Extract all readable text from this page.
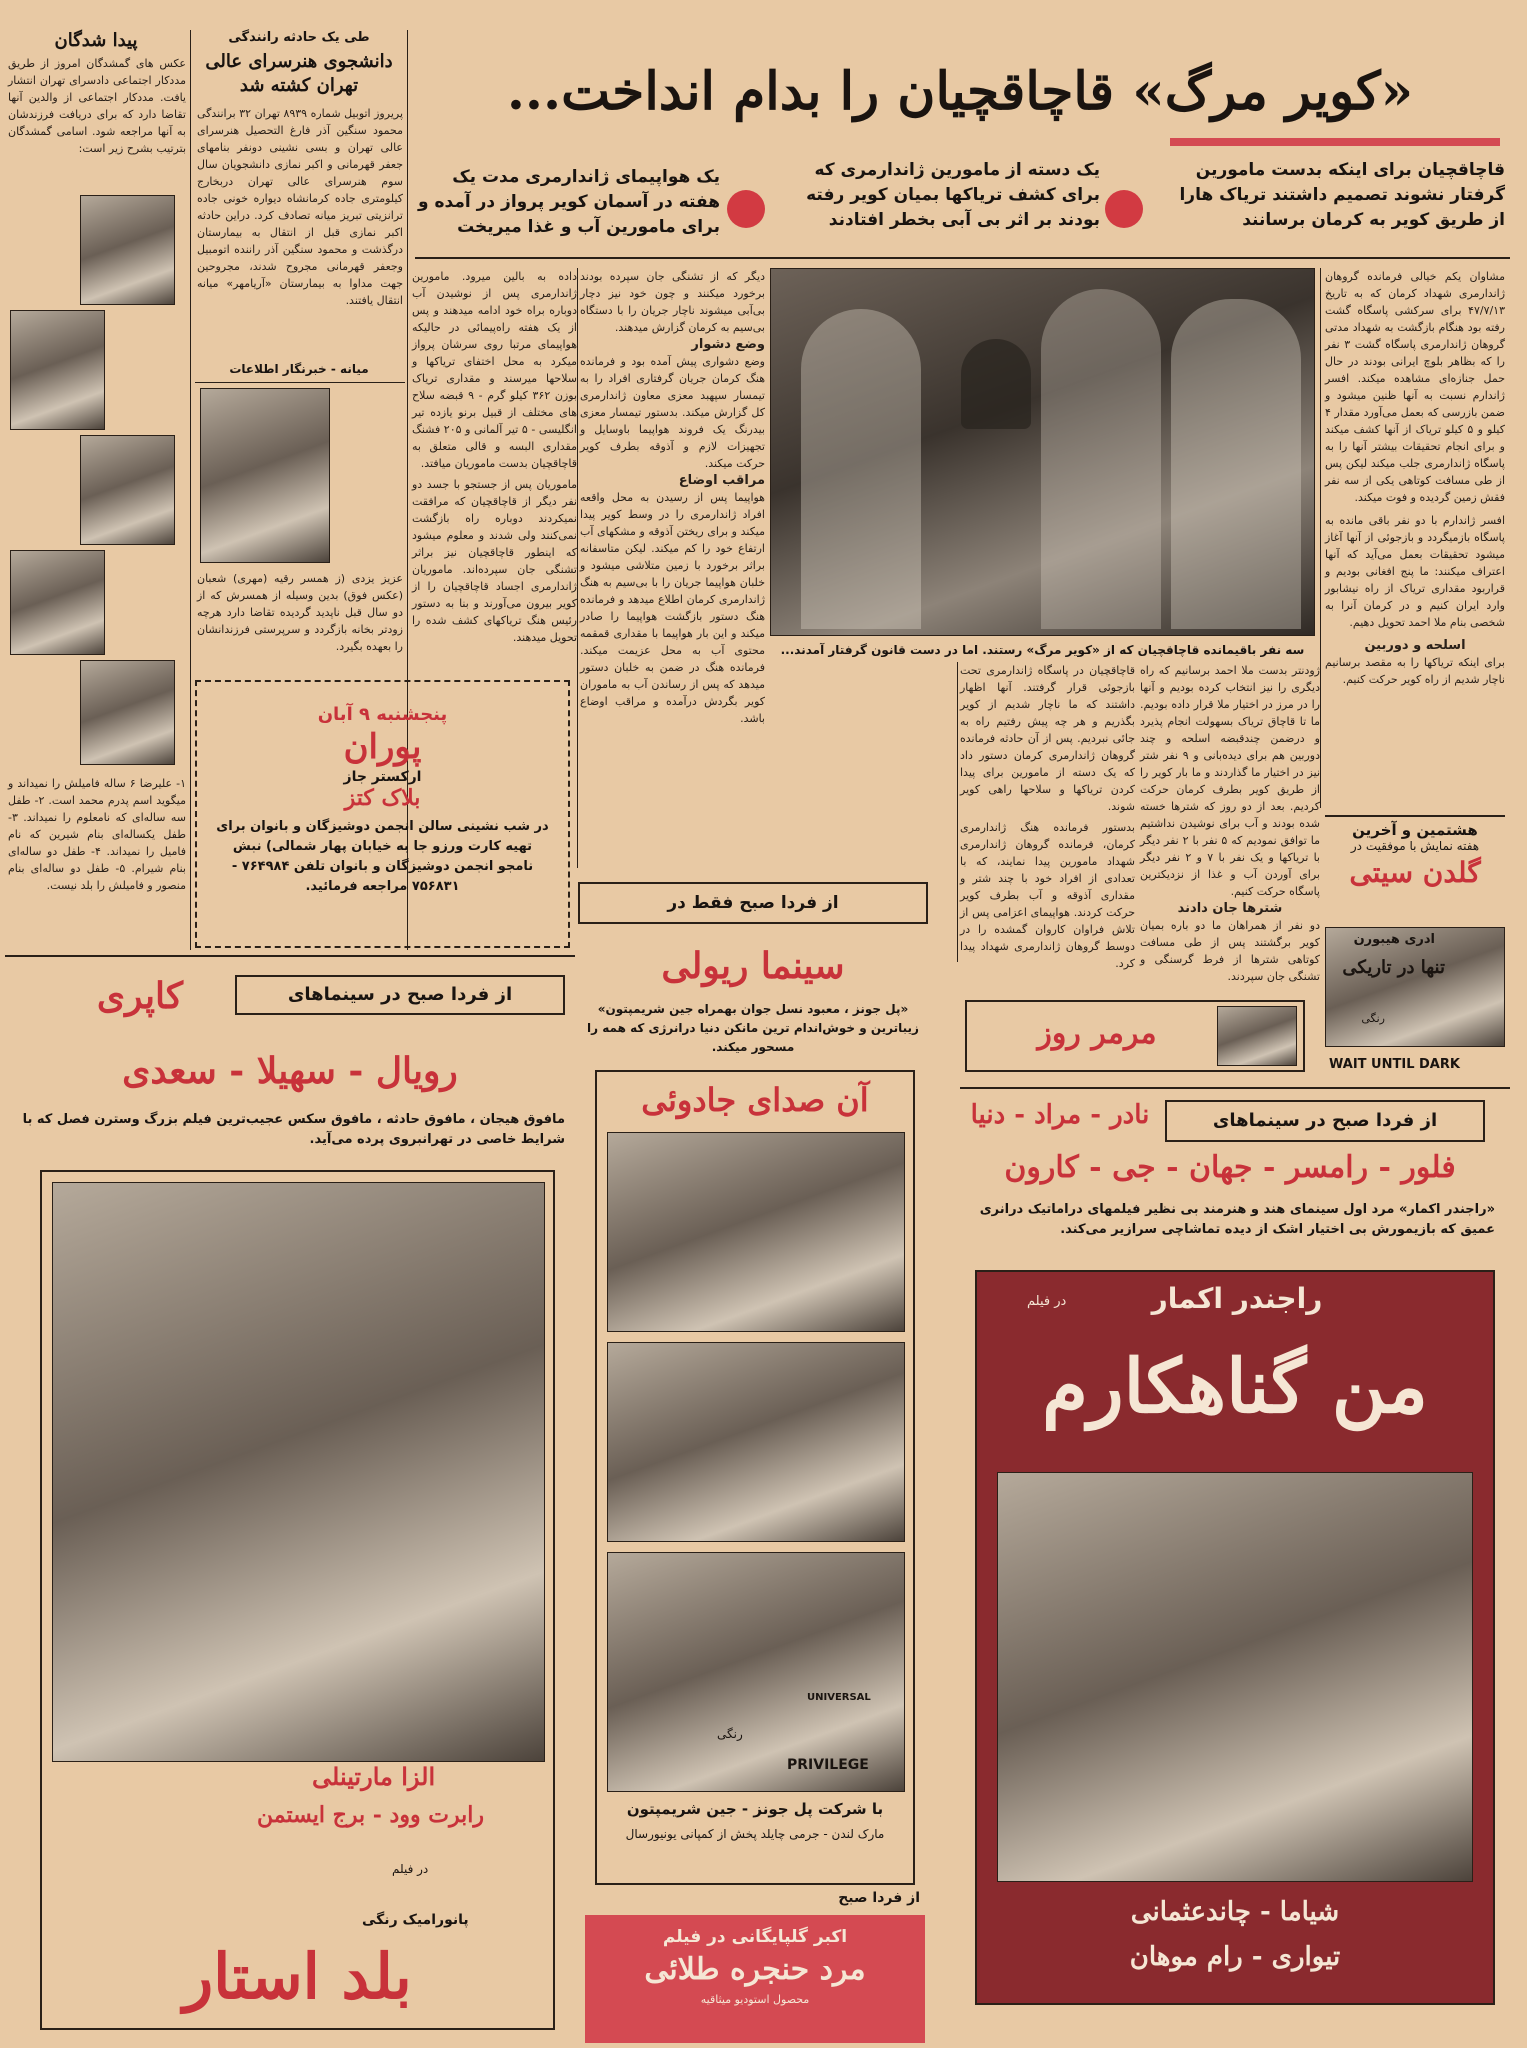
«کویر مرگ» قاچاقچیان را بدام انداخت...
قاچاقچیان برای اینکه بدست مامورین گرفتار نشوند تصمیم داشتند تریاک هارا از طریق کویر به کرمان برسانند
یک دسته از مامورین ژاندارمری که برای کشف تریاکها بمیان کویر رفته بودند بر اثر بی آبی بخطر افتادند
یک هواپیمای ژاندارمری مدت یک هفته در آسمان کویر پرواز در آمده و برای مامورین آب و غذا میریخت
سه نفر باقیمانده قاچاقچیان که از «کویر مرگ» رستند. اما در دست قانون گرفتار آمدند...
مشاوان یکم خیالی فرمانده گروهان ژاندارمری شهداد کرمان که به تاریخ ۴۷/۷/۱۳ برای سرکشی پاسگاه گشت رفته بود هنگام بازگشت به شهداد مدتی گروهان ژاندارمری پاسگاه گشت ۳ نفر را که بظاهر بلوچ ایرانی بودند در حال حمل جنازه‌ای مشاهده میکند. افسر ژاندارم نسبت به آنها ظنین میشود و ضمن بازرسی که بعمل می‌آورد مقدار ۴ کیلو و ۵ کیلو تریاک از آنها کشف میکند و برای انجام تحقیقات بیشتر آنها را به پاسگاه ژاندارمری جلب میکند لیکن پس از طی مسافت کوتاهی یکی از سه نفر فقش زمین گردیده و فوت میکند.
افسر ژاندارم با دو نفر باقی مانده به پاسگاه بازمیگردد و بازجوئی از آنها آغاز میشود تحقیقات بعمل می‌آید که آنها اعتراف میکنند: ما پنج افغانی بودیم و قراربود مقداری تریاک از راه نیشابور وارد ایران کنیم و در کرمان آنرا به شخصی بنام ملا احمد تحویل دهیم.
اسلحه و دوربین
برای اینکه تریاکها را به مقصد برسانیم ناچار شدیم از راه کویر حرکت کنیم.
هشتمین و آخرین
هفته نمایش با موفقیت در
گلدن سیتی
ادری هیبورن
تنها در تاریکی
رنگی
WAIT UNTIL DARK
ژودنتر بدست ملا احمد برسانیم که راه دیگری را نیز انتخاب کرده بودیم و آنها را در مرز در اختیار ملا قرار داده بودیم. ما تا قاچاق تریاک بسهولت انجام پذیرد و درضمن چندقبضه اسلحه و چند دوربین هم برای دیده‌بانی و ۹ نفر شتر نیز در اختیار ما گذاردند و ما بار کویر را از طریق کویر بطرف کرمان حرکت کردیم. بعد از دو روز که شترها خسته شده بودند و آب برای نوشیدن نداشتیم ما توافق نمودیم که ۵ نفر با ۲ نفر دیگر با تریاکها و یک نفر با ۷ و ۲ نفر دیگر برای آوردن آب و غذا از نزدیکترین پاسگاه حرکت کنیم.
شترها جان دادند
دو نفر از همراهان ما دو باره بمیان کویر برگشتند پس از طی مسافت کوتاهی شترها از فرط گرسنگی و تشنگی جان سپردند.
قاچاقچیان در پاسگاه ژاندارمری تحت بازجوئی قرار گرفتند. آنها اظهار داشتند که ما ناچار شدیم از کویر بگذریم و هر چه پیش رفتیم راه به جائی نبردیم. پس از آن حادثه فرمانده گروهان ژاندارمری کرمان دستور داد که یک دسته از مامورین برای پیدا کردن تریاکها و سلاحها راهی کویر شوند.
بدستور فرمانده هنگ ژاندارمری کرمان، فرمانده گروهان ژاندارمری شهداد مامورین پیدا نمایند، که با تعدادی از افراد خود با چند شتر و مقداری آذوقه و آب بطرف کویر حرکت کردند. هواپیمای اعزامی پس از تلاش فراوان کاروان گمشده را در دوسط گروهان ژاندارمری شهداد پیدا کرد.
دیگر که از تشنگی جان سپرده بودند برخورد میکنند و چون خود نیز دچار بی‌آبی میشوند ناچار جریان را با دستگاه بی‌سیم به کرمان گزارش میدهند.
وضع دشوار
وضع دشواری پیش آمده بود و فرمانده هنگ کرمان جریان گرفتاری افراد را به تیمسار سپهبد معزی معاون ژاندارمری کل گزارش میکند. بدستور تیمسار معزی بیدرنگ یک فروند هواپیما باوسایل و تجهیزات لازم و آذوقه بطرف کویر حرکت میکند.
مراقب اوضاع
هواپیما پس از رسیدن به محل واقعه افراد ژاندارمری را در وسط کویر پیدا میکند و برای ریختن آذوقه و مشکهای آب ارتفاع خود را کم میکند. لیکن متاسفانه براثر برخورد با زمین متلاشی میشود و خلبان هواپیما جریان را با بی‌سیم به هنگ ژاندارمری کرمان اطلاع میدهد و فرمانده هنگ دستور بازگشت هواپیما را صادر میکند و این بار هواپیما با مقداری قمقمه محتوی آب به محل عزیمت میکند. فرمانده هنگ در ضمن به خلبان دستور میدهد که پس از رساندن آب به ماموران کویر بگردش درآمده و مراقب اوضاع باشد.
داده به بالین میرود. مامورین ژاندارمری پس از نوشیدن آب دوباره براه خود ادامه میدهند و پس از یک هفته راه‌پیمائی در حالیکه هواپیمای مرتبا روی سرشان پرواز میکرد به محل اختفای تریاکها و سلاحها میرسند و مقداری تریاک بوزن ۳۶۲ کیلو گرم - ۹ قبضه سلاح های مختلف از قبیل برنو یازده تیر انگلیسی - ۵ تیر آلمانی و ۲۰۵ فشنگ مقداری البسه و قالی متعلق به قاچاقچیان بدست ماموریان میافتد.
ماموریان پس از جستجو با جسد دو نفر دیگر از قاچاقچیان که مرافقت نمیکردند دوباره راه بازگشت نمی‌کنند ولی شدند و معلوم میشود که اینطور قاچاقچیان نیز براثر تشنگی جان سپرده‌اند. ماموریان ژاندارمری اجساد قاچاقچیان را از کویر بیرون می‌آورند و بنا به دستور رئیس هنگ تریاکهای کشف شده را تحویل میدهند.
طی یک حادثه رانندگی
دانشجوی هنرسرای عالی تهران کشته شد
پریروز اتوبیل شماره ۸۹۳۹ تهران ۳۲ برانندگی محمود سنگین آذر فارغ التحصیل هنرسرای عالی تهران و بسی نشینی دونفر بنامهای جعفر قهرمانی و اکبر نمازی دانشجویان سال سوم هنرسرای عالی تهران دربخارج کیلومتری جاده کرمانشاه دیواره خونی جاده ترانزیتی تبریز میانه تصادف کرد. دراین حادثه اکبر نمازی قبل از انتقال به بیمارستان درگذشت و محمود سنگین آذر راننده اتومبیل وجعفر قهرمانی مجروح شدند، مجروحین جهت مداوا به بیمارستان «آریامهر» میانه انتقال یافتند.
میانه - خبرنگار اطلاعات
عزیز یزدی (ز همسر رقیه (مهری) شعبان (عکس فوق) بدین وسیله از همسرش که از دو سال قبل ناپدید گردیده تقاضا دارد هرچه زودتر بخانه بازگردد و سرپرستی فرزندانشان را بعهده بگیرد.
پیدا شدگان
عکس های گمشدگان امروز از طریق مددکار اجتماعی دادسرای تهران انتشار یافت. مددکار اجتماعی از والدین آنها تقاضا دارد که برای دریافت فرزندشان به آنها مراجعه شود. اسامی گمشدگان بترتیب بشرح زیر است:
۱- علیرضا ۶ ساله فامیلش را نمیداند و میگوید اسم پدرم محمد است. ۲- طفل سه ساله‌ای که نامعلوم را نمیداند. ۳- طفل یکساله‌ای بنام شیرین که نام فامیل را نمیداند. ۴- طفل دو ساله‌ای بنام شیرام. ۵- طفل دو ساله‌ای بنام منصور و فامیلش را بلد نیست.
پنجشنبه ۹ آبان
پوران
ارکستر جاز
بلاک کتز
در شب نشینی سالن انجمن دوشیزگان و بانوان برای تهیه کارت ورزو جا به خیابان پهار شمالی) نبش نامجو انجمن دوشیزگان و بانوان تلفن ۷۶۴۹۸۴ - ۷۵۶۸۳۱ مراجعه فرمائید.
از فردا صبح فقط در
سینما ریولی
«پل جونز ، معبود نسل جوان بهمراه جین شریمپتون» زیباترین و خوش‌اندام ترین مانکن دنیا درانرژی که همه را مسحور میکند.
آن صدای جادوئی
رنگی
UNIVERSAL
PRIVILEGE
با شرکت پل جونز - جین شریمپتون
مارک لندن - جرمی چایلد پخش از کمپانی یونیورسال
از فردا صبح
اکبر گلپایگانی در فیلم
مرد حنجره طلائی
محصول استودیو میثاقیه
از فردا صبح در سینماهای
کاپری
رویال - سهیلا - سعدی
مافوق هیجان ، مافوق حادثه ، مافوق سکس عجیب‌ترین فیلم بزرگ وسترن فصل که با شرایط خاصی در تهرانبروی پرده می‌آید.
الزا مارتینلی
رابرت وود - برج ایستمن
در فیلم
پانورامیک رنگی
بلد استار
مرمر روز
از فردا صبح در سینماهای
نادر - مراد - دنیا
فلور - رامسر - جهان - جی - کارون
«راجندر اکمار» مرد اول سینمای هند و هنرمند بی نظیر فیلمهای دراماتیک درانری عمیق که بازیمورش بی اختیار اشک از دیده تماشاچی سرازیر می‌کند.
راجندر اکمار
در فیلم
من گناهکارم
شیاما - چاندعثمانی
تیواری - رام موهان
